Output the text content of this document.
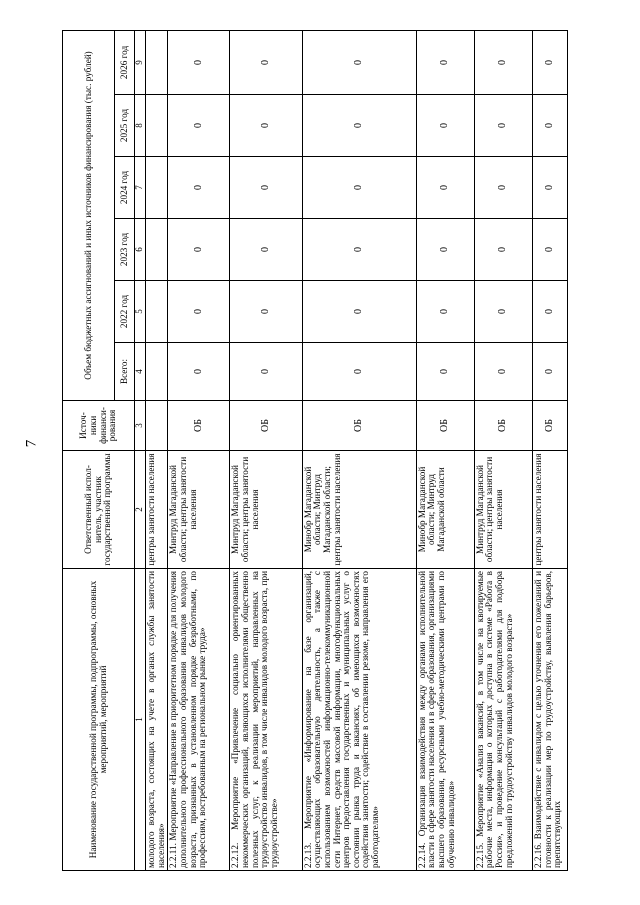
7
Наименование государственной программы, подпрограммы, основных мероприятий, мероприятий	Ответственный испол-нитель, участник государственной программы	Источ-ники финанси-рования	Объем бюджетных ассигнований и иных источников финансирования (тыс. рублей)					
			Всего:	2022 год	2023 год	2024 год	2025 год	2026 год
1	2	3	4	5	6	7	8	9
молодого возраста, состоящих на учете в органах службы занятости населения»	центры занятости населения							
2.2.11. Мероприятие «Направление в приоритетном порядке для получения дополнительного профессионального образования инвалидов молодого возраста, признанных в установленном порядке безработными, по профессиям, востребованным на региональном рынке труда»	Минтруд Магаданской области; центры занятости населения	ОБ	0	0	0	0	0	0
2.2.12. Мероприятие «Привлечение социально ориентированных некоммерческих организаций, являющихся исполнителями общественно полезных услуг, к реализации мероприятий, направленных на трудоустройство инвалидов, в том числе инвалидов молодого возраста, при трудоустройстве»	Минтруд Магаданской области; центры занятости населения	ОБ	0	0	0	0	0	0
2.2.13. Мероприятие «Информирование на базе организаций, осуществляющих образовательную деятельность, а также с использованием возможностей информационно-телекоммуникационной сети Интернет, средств массовой информации, многофункциональных центров предоставления государственных и муниципальных услуг о состоянии рынка труда и вакансиях, об имеющихся возможностях содействия занятости; содействие в составлении резюме, направления его работодателям»	Минобр Магаданской области; Минтруд Магаданской области; центры занятости населения	ОБ	0	0	0	0	0	0
2.2.14. Организация взаимодействия между органами исполнительной власти в сфере занятости населения и в сфере образования, организациями высшего образования, ресурсными учебно-методическими центрами по обучению инвалидов»	Минобр Магаданской области; Минтруд Магаданской области	ОБ	0	0	0	0	0	0
2.2.15. Мероприятие «Анализ вакансий, в том числе на квотируемые рабочие места, информация о которых доступна в системе «Работа в России», и проведение консультаций с работодателями для подбора предложений по трудоустройству инвалидов молодого возраста»	Минтруд Магаданской области; центры занятости населения	ОБ	0	0	0	0	0	0
2.2.16. Взаимодействие с инвалидом с целью уточнения его пожеланий и готовности к реализации мер по трудоустройству, выявления барьеров, препятствующих	центры занятости населения	ОБ	0	0	0	0	0	0
